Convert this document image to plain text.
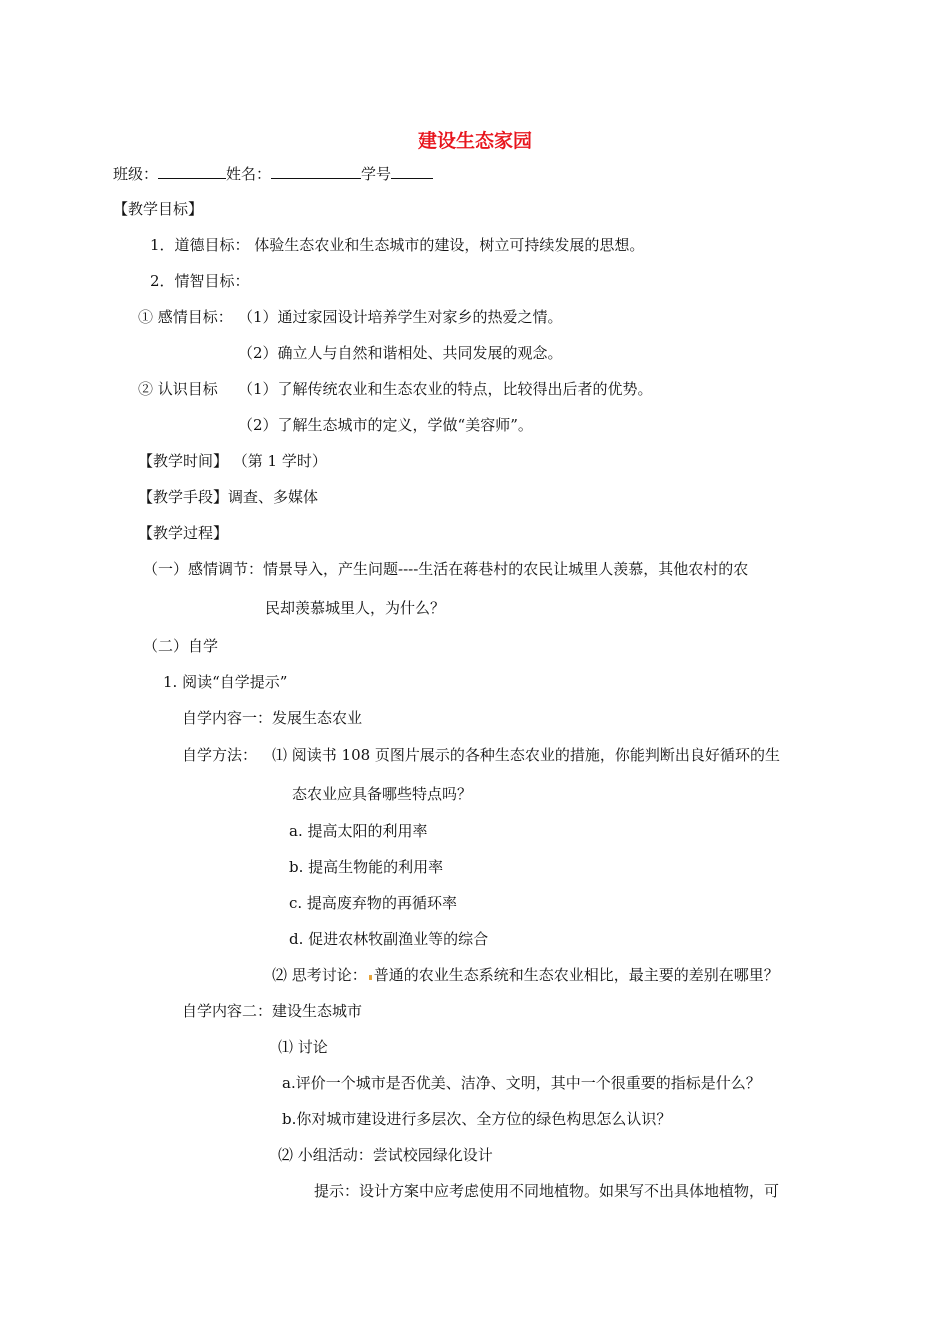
建设生态家园
班级：	姓名：	学号
【教学目标】
1．道德目标： 体验生态农业和生态城市的建设，树立可持续发展的思想。
2．情智目标：
① 感情目标： （1）通过家园设计培养学生对家乡的热爱之情。
（2）确立人与自然和谐相处、共同发展的观念。
② 认识目标 （1）了解传统农业和生态农业的特点，比较得出后者的优势。
（2）了解生态城市的定义，学做“美容师”。
【教学时间】 （第 1 学时）
【教学手段】调查、多媒体
【教学过程】
（一）感情调节：情景导入，产生问题----生活在蒋巷村的农民让城里人羡慕，其他农村的农
民却羡慕城里人，为什么？
（二）自学
1. 阅读“自学提示”
自学内容一：发展生态农业
自学方法： ⑴ 阅读书 108 页图片展示的各种生态农业的措施，你能判断出良好循环的生
态农业应具备哪些特点吗？
a. 提高太阳的利用率
b. 提高生物能的利用率
c. 提高废弃物的再循环率
d. 促进农林牧副渔业等的综合
⑵ 思考讨论： 普通的农业生态系统和生态农业相比，最主要的差别在哪里？
自学内容二：建设生态城市
⑴ 讨论
a.评价一个城市是否优美、洁净、文明，其中一个很重要的指标是什么？
b.你对城市建设进行多层次、全方位的绿色构思怎么认识？
⑵ 小组活动：尝试校园绿化设计
提示：设计方案中应考虑使用不同地植物。如果写不出具体地植物，可
